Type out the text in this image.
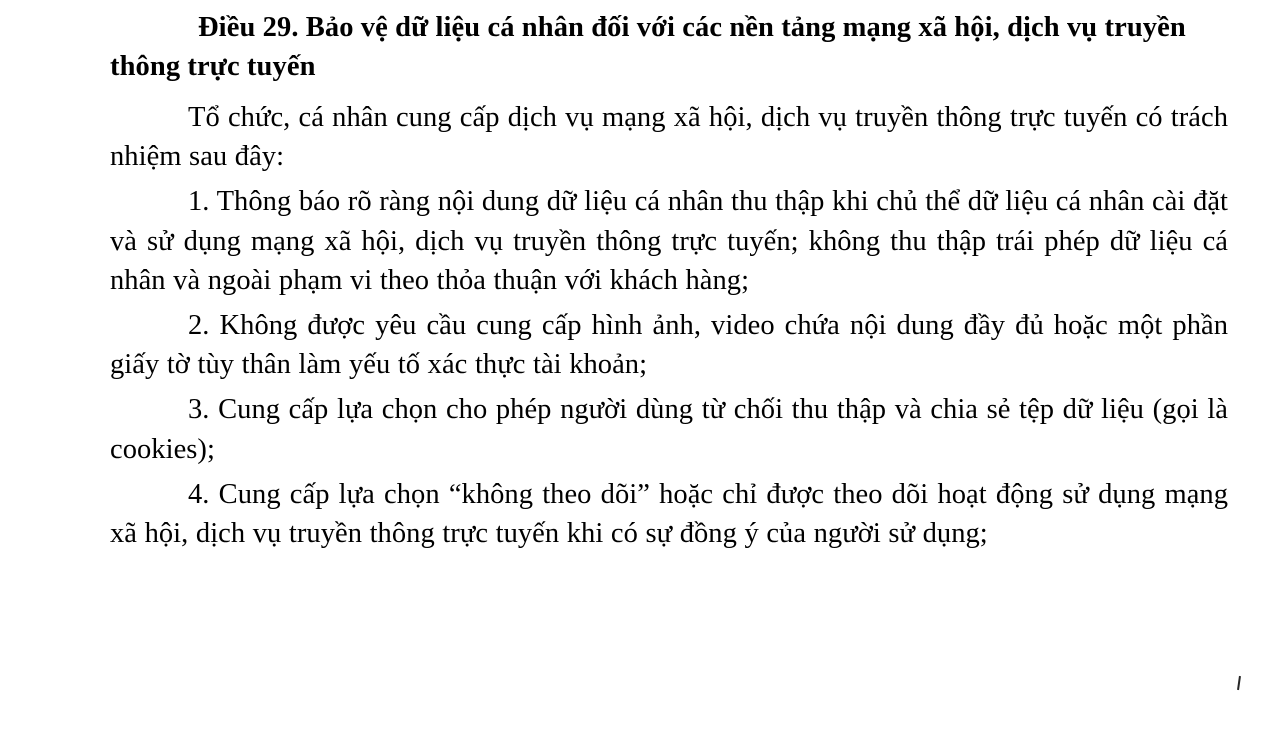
Điều 29. Bảo vệ dữ liệu cá nhân đối với các nền tảng mạng xã hội, dịch vụ truyền thông trực tuyến

Tổ chức, cá nhân cung cấp dịch vụ mạng xã hội, dịch vụ truyền thông trực tuyến có trách nhiệm sau đây:

1. Thông báo rõ ràng nội dung dữ liệu cá nhân thu thập khi chủ thể dữ liệu cá nhân cài đặt và sử dụng mạng xã hội, dịch vụ truyền thông trực tuyến; không thu thập trái phép dữ liệu cá nhân và ngoài phạm vi theo thỏa thuận với khách hàng;

2. Không được yêu cầu cung cấp hình ảnh, video chứa nội dung đầy đủ hoặc một phần giấy tờ tùy thân làm yếu tố xác thực tài khoản;

3. Cung cấp lựa chọn cho phép người dùng từ chối thu thập và chia sẻ tệp dữ liệu (gọi là cookies);

4. Cung cấp lựa chọn “không theo dõi” hoặc chỉ được theo dõi hoạt động sử dụng mạng xã hội, dịch vụ truyền thông trực tuyến khi có sự đồng ý của người sử dụng;
